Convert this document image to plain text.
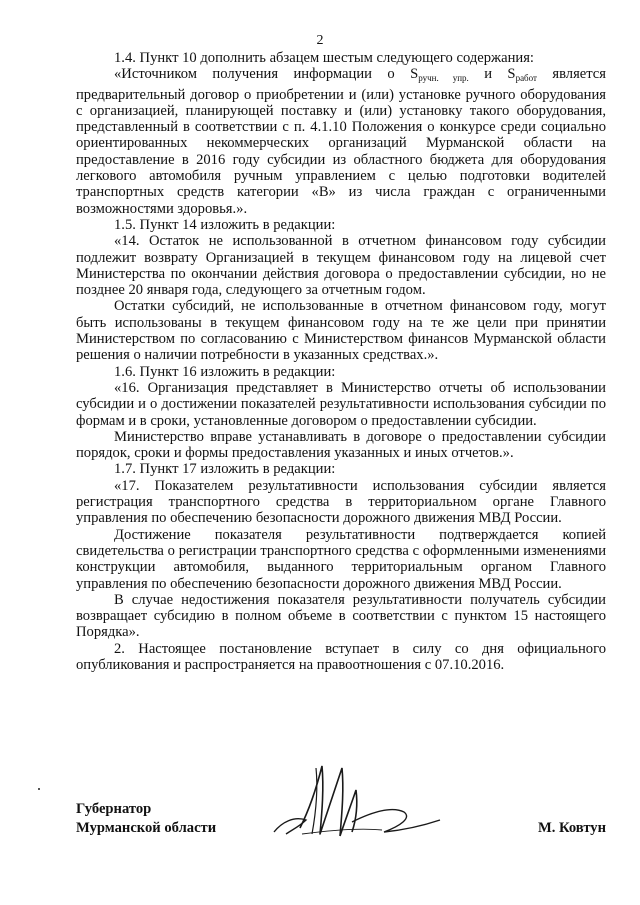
2

1.4. Пункт 10 дополнить абзацем шестым следующего содержания:

«Источником получения информации о $S_{ручн. упр.}$ и $S_{работ}$ является предварительный договор о приобретении и (или) установке ручного оборудования с организацией, планирующей поставку и (или) установку такого оборудования, представленный в соответствии с п. 4.1.10 Положения о конкурсе среди социально ориентированных некоммерческих организаций Мурманской области на предоставление в 2016 году субсидии из областного бюджета для оборудования легкового автомобиля ручным управлением с целью подготовки водителей транспортных средств категории «В» из числа граждан с ограниченными возможностями здоровья.».

1.5. Пункт 14 изложить в редакции:

«14. Остаток не использованной в отчетном финансовом году субсидии подлежит возврату Организацией в текущем финансовом году на лицевой счет Министерства по окончании действия договора о предоставлении субсидии, но не позднее 20 января года, следующего за отчетным годом.

Остатки субсидий, не использованные в отчетном финансовом году, могут быть использованы в текущем финансовом году на те же цели при принятии Министерством по согласованию с Министерством финансов Мурманской области решения о наличии потребности в указанных средствах.».

1.6. Пункт 16 изложить в редакции:

«16. Организация представляет в Министерство отчеты об использовании субсидии и о достижении показателей результативности использования субсидии по формам и в сроки, установленные договором о предоставлении субсидии.

Министерство вправе устанавливать в договоре о предоставлении субсидии порядок, сроки и формы предоставления указанных и иных отчетов.».

1.7. Пункт 17 изложить в редакции:

«17. Показателем результативности использования субсидии является регистрация транспортного средства в территориальном органе Главного управления по обеспечению безопасности дорожного движения МВД России.

Достижение показателя результативности подтверждается копией свидетельства о регистрации транспортного средства с оформленными изменениями конструкции автомобиля, выданного территориальным органом Главного управления по обеспечению безопасности дорожного движения МВД России.

В случае недостижения показателя результативности получатель субсидии возвращает субсидию в полном объеме в соответствии с пунктом 15 настоящего Порядка».

2. Настоящее постановление вступает в силу со дня официального опубликования и распространяется на правоотношения с 07.10.2016.

Губернатор
Мурманской области	М. Ковтун
